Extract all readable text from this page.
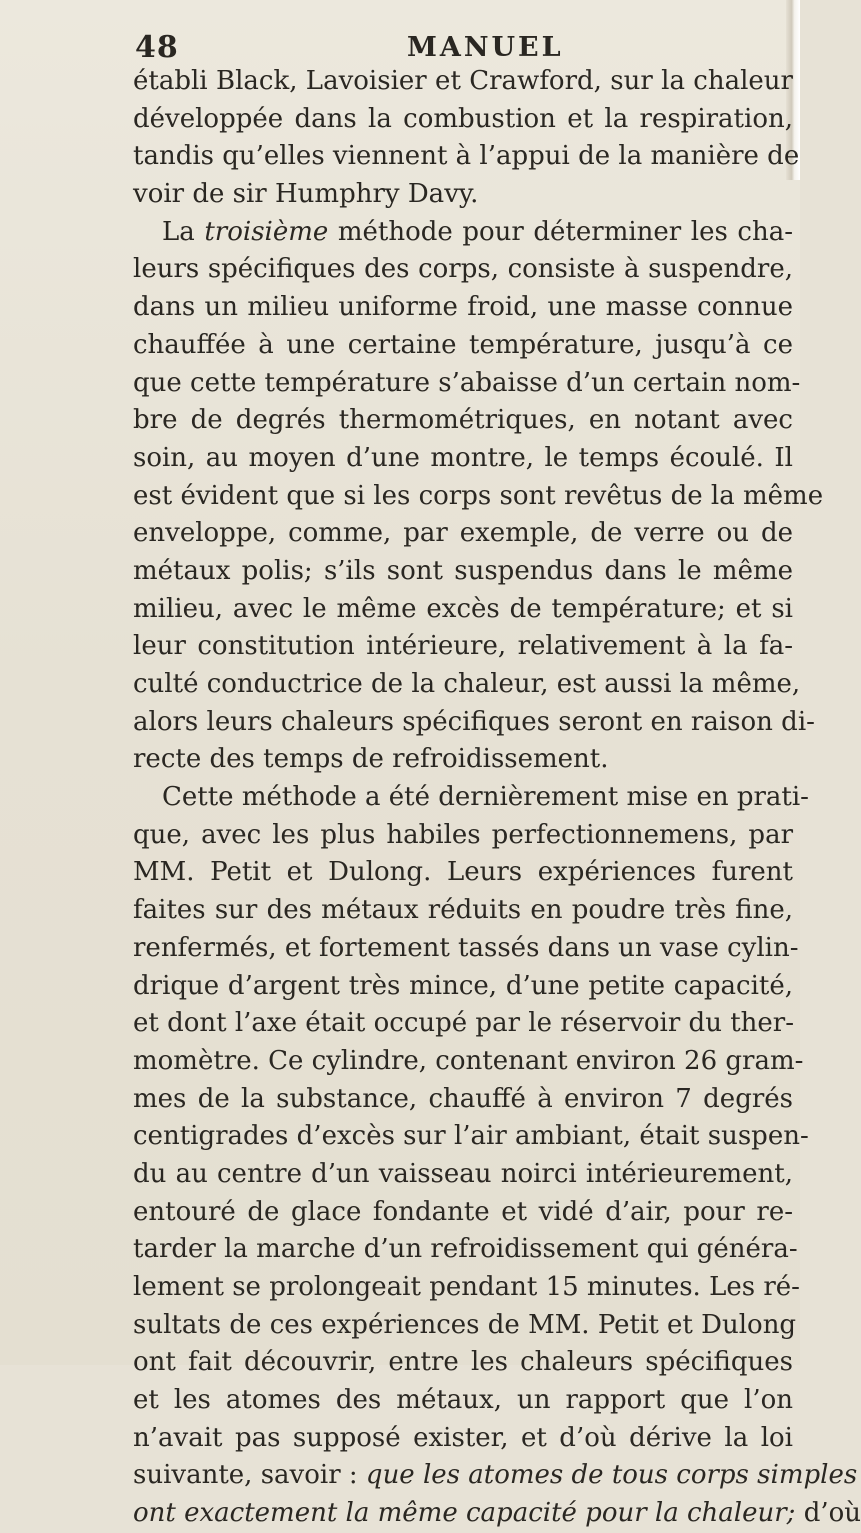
48	MANUEL
établi Black, Lavoisier et Crawford, sur la chaleur
développée dans la combustion et la respiration,
tandis qu’elles viennent à l’appui de la manière de
voir de sir Humphry Davy.
La troisième méthode pour déterminer les cha-
leurs spécifiques des corps, consiste à suspendre,
dans un milieu uniforme froid, une masse connue
chauffée à une certaine température, jusqu’à ce
que cette température s’abaisse d’un certain nom-
bre de degrés thermométriques, en notant avec
soin, au moyen d’une montre, le temps écoulé. Il
est évident que si les corps sont revêtus de la même
enveloppe, comme, par exemple, de verre ou de
métaux polis; s’ils sont suspendus dans le même
milieu, avec le même excès de température; et si
leur constitution intérieure, relativement à la fa-
culté conductrice de la chaleur, est aussi la même,
alors leurs chaleurs spécifiques seront en raison di-
recte des temps de refroidissement.
Cette méthode a été dernièrement mise en prati-
que, avec les plus habiles perfectionnemens, par
MM. Petit et Dulong. Leurs expériences furent
faites sur des métaux réduits en poudre très fine,
renfermés, et fortement tassés dans un vase cylin-
drique d’argent très mince, d’une petite capacité,
et dont l’axe était occupé par le réservoir du ther-
momètre. Ce cylindre, contenant environ 26 gram-
mes de la substance, chauffé à environ 7 degrés
centigrades d’excès sur l’air ambiant, était suspen-
du au centre d’un vaisseau noirci intérieurement,
entouré de glace fondante et vidé d’air, pour re-
tarder la marche d’un refroidissement qui généra-
lement se prolongeait pendant 15 minutes. Les ré-
sultats de ces expériences de MM. Petit et Dulong
ont fait découvrir, entre les chaleurs spécifiques
et les atomes des métaux, un rapport que l’on
n’avait pas supposé exister, et d’où dérive la loi
suivante, savoir : que les atomes de tous corps simples
ont exactement la même capacité pour la chaleur; d’où
